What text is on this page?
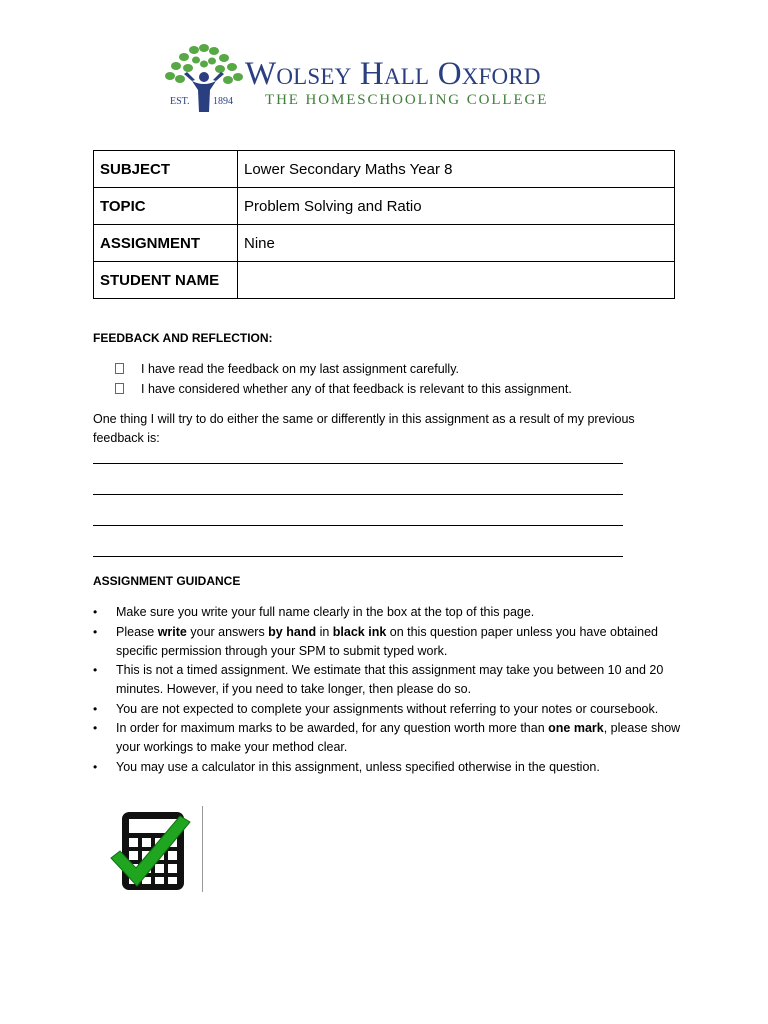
EST. 1894
Wolsey Hall Oxford
THE HOMESCHOOLING COLLEGE
SUBJECT	Lower Secondary Maths Year 8
TOPIC	Problem Solving and Ratio
ASSIGNMENT	Nine
STUDENT NAME	
FEEDBACK AND REFLECTION:
I have read the feedback on my last assignment carefully.
I have considered whether any of that feedback is relevant to this assignment.
One thing I will try to do either the same or differently in this assignment as a result of my previous feedback is:
ASSIGNMENT GUIDANCE
• Make sure you write your full name clearly in the box at the top of this page.
• Please write your answers by hand in black ink on this question paper unless you have obtained specific permission through your SPM to submit typed work.
• This is not a timed assignment. We estimate that this assignment may take you between 10 and 20 minutes. However, if you need to take longer, then please do so.
• You are not expected to complete your assignments without referring to your notes or coursebook.
• In order for maximum marks to be awarded, for any question worth more than one mark, please show your workings to make your method clear.
• You may use a calculator in this assignment, unless specified otherwise in the question.
